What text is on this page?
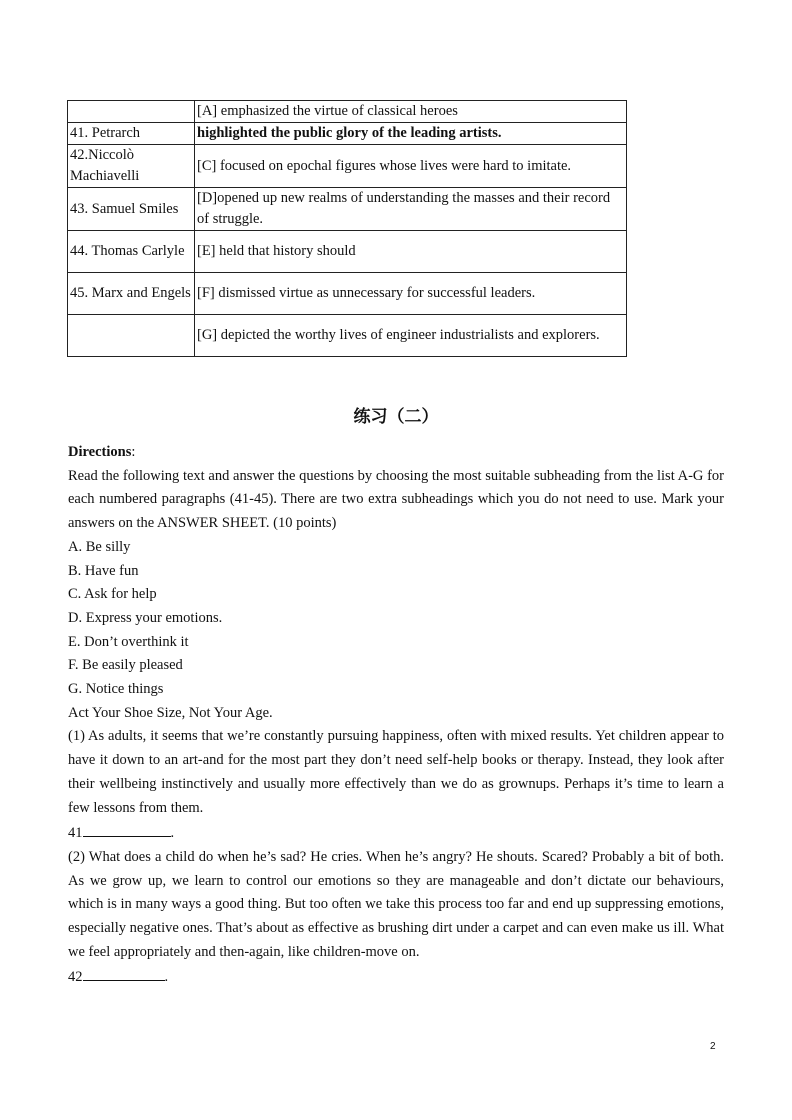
	[A] emphasized the virtue of classical heroes
41. Petrarch	highlighted the public glory of the leading artists.
42.Niccolò Machiavelli	[C] focused on epochal figures whose lives were hard to imitate.
43. Samuel Smiles	[D]opened up new realms of understanding the masses and their record of struggle.
44. Thomas Carlyle	[E] held that history should
45. Marx and Engels	[F] dismissed virtue as unnecessary for successful leaders.
	[G] depicted the worthy lives of engineer industrialists and explorers.
练习（二）

Directions:

Read the following text and answer the questions by choosing the most suitable subheading from the list A-G for each numbered paragraphs (41-45). There are two extra subheadings which you do not need to use. Mark your answers on the ANSWER SHEET. (10 points)

A. Be silly

B. Have fun

C. Ask for help

D. Express your emotions.

E. Don’t overthink it

F. Be easily pleased

G. Notice things

Act Your Shoe Size, Not Your Age.

(1) As adults, it seems that we’re constantly pursuing happiness, often with mixed results. Yet children appear to have it down to an art-and for the most part they don’t need self-help books or therapy. Instead, they look after their wellbeing instinctively and usually more effectively than we do as grownups. Perhaps it’s time to learn a few lessons from them.

41	.

(2) What does a child do when he’s sad? He cries. When he’s angry? He shouts. Scared? Probably a bit of both. As we grow up, we learn to control our emotions so they are manageable and don’t dictate our behaviours, which is in many ways a good thing. But too often we take this process too far and end up suppressing emotions, especially negative ones. That’s about as effective as brushing dirt under a carpet and can even make us ill. What we feel appropriately and then-again, like children-move on.

42	.

2
